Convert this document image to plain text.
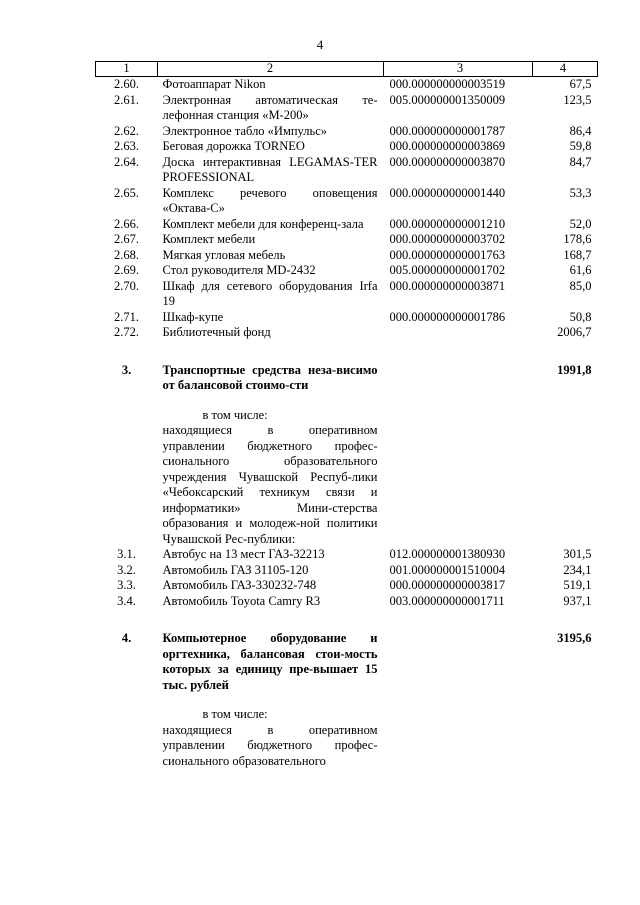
4
1	2	3	4
2.60.	Фотоаппарат Nikon	000.000000000003519	67,5
2.61.	Электронная автоматическая те-лефонная станция «М-200»	005.000000001350009	123,5
2.62.	Электронное табло «Импульс»	000.000000000001787	86,4
2.63.	Беговая дорожка TORNEO	000.000000000003869	59,8
2.64.	Доска интерактивная LEGAMAS-TER PROFESSIONAL	000.000000000003870	84,7
2.65.	Комплекс речевого оповещения «Октава-С»	000.000000000001440	53,3
2.66.	Комплект мебели для конференц-зала	000.000000000001210	52,0
2.67.	Комплект мебели	000.000000000003702	178,6
2.68.	Мягкая угловая мебель	000.000000000001763	168,7
2.69.	Стол руководителя MD-2432	005.000000000001702	61,6
2.70.	Шкаф для сетевого оборудования Irfa 19	000.000000000003871	85,0
2.71.	Шкаф-купе	000.000000000001786	50,8
2.72.	Библиотечный фонд		2006,7

3.	Транспортные средства неза-висимо от балансовой стоимо-сти		1991,8

	в том числе:		
	находящиеся в оперативном управлении бюджетного профес-сионального образовательного учреждения Чувашской Респуб-лики «Чебоксарский техникум связи и информатики» Мини-стерства образования и молодеж-ной политики Чувашской Рес-публики:		
3.1.	Автобус на 13 мест ГАЗ-32213	012.000000001380930	301,5
3.2.	Автомобиль ГАЗ 31105-120	001.000000001510004	234,1
3.3.	Автомобиль ГАЗ-330232-748	000.000000000003817	519,1
3.4.	Автомобиль Toyota Camry R3	003.000000000001711	937,1

4.	Компьютерное оборудование и оргтехника, балансовая стои-мость которых за единицу пре-вышает 15 тыс. рублей		3195,6

	в том числе:		
	находящиеся в оперативном управлении бюджетного профес-сионального образовательного		
